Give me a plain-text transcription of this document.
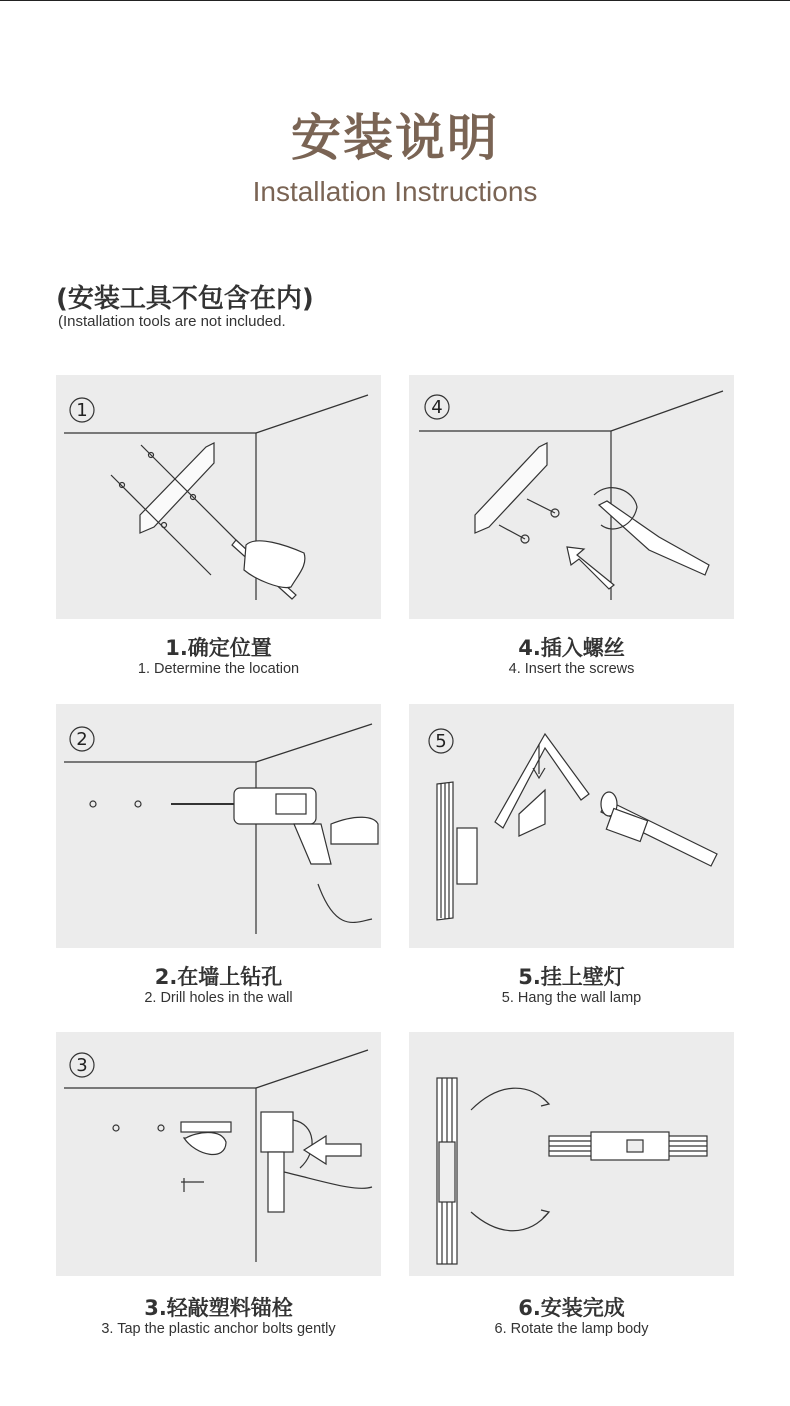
安装说明
Installation Instructions
(安装工具不包含在内)
(Installation tools are not included.
1
1.确定位置
1. Determine the location
4
4.插入螺丝
4. Insert the screws
2
2.在墙上钻孔
2. Drill holes in the wall
5
5.挂上壁灯
5. Hang the wall lamp
3
3.轻敲塑料锚栓
3. Tap the plastic anchor bolts gently
6.安装完成
6. Rotate the lamp body
